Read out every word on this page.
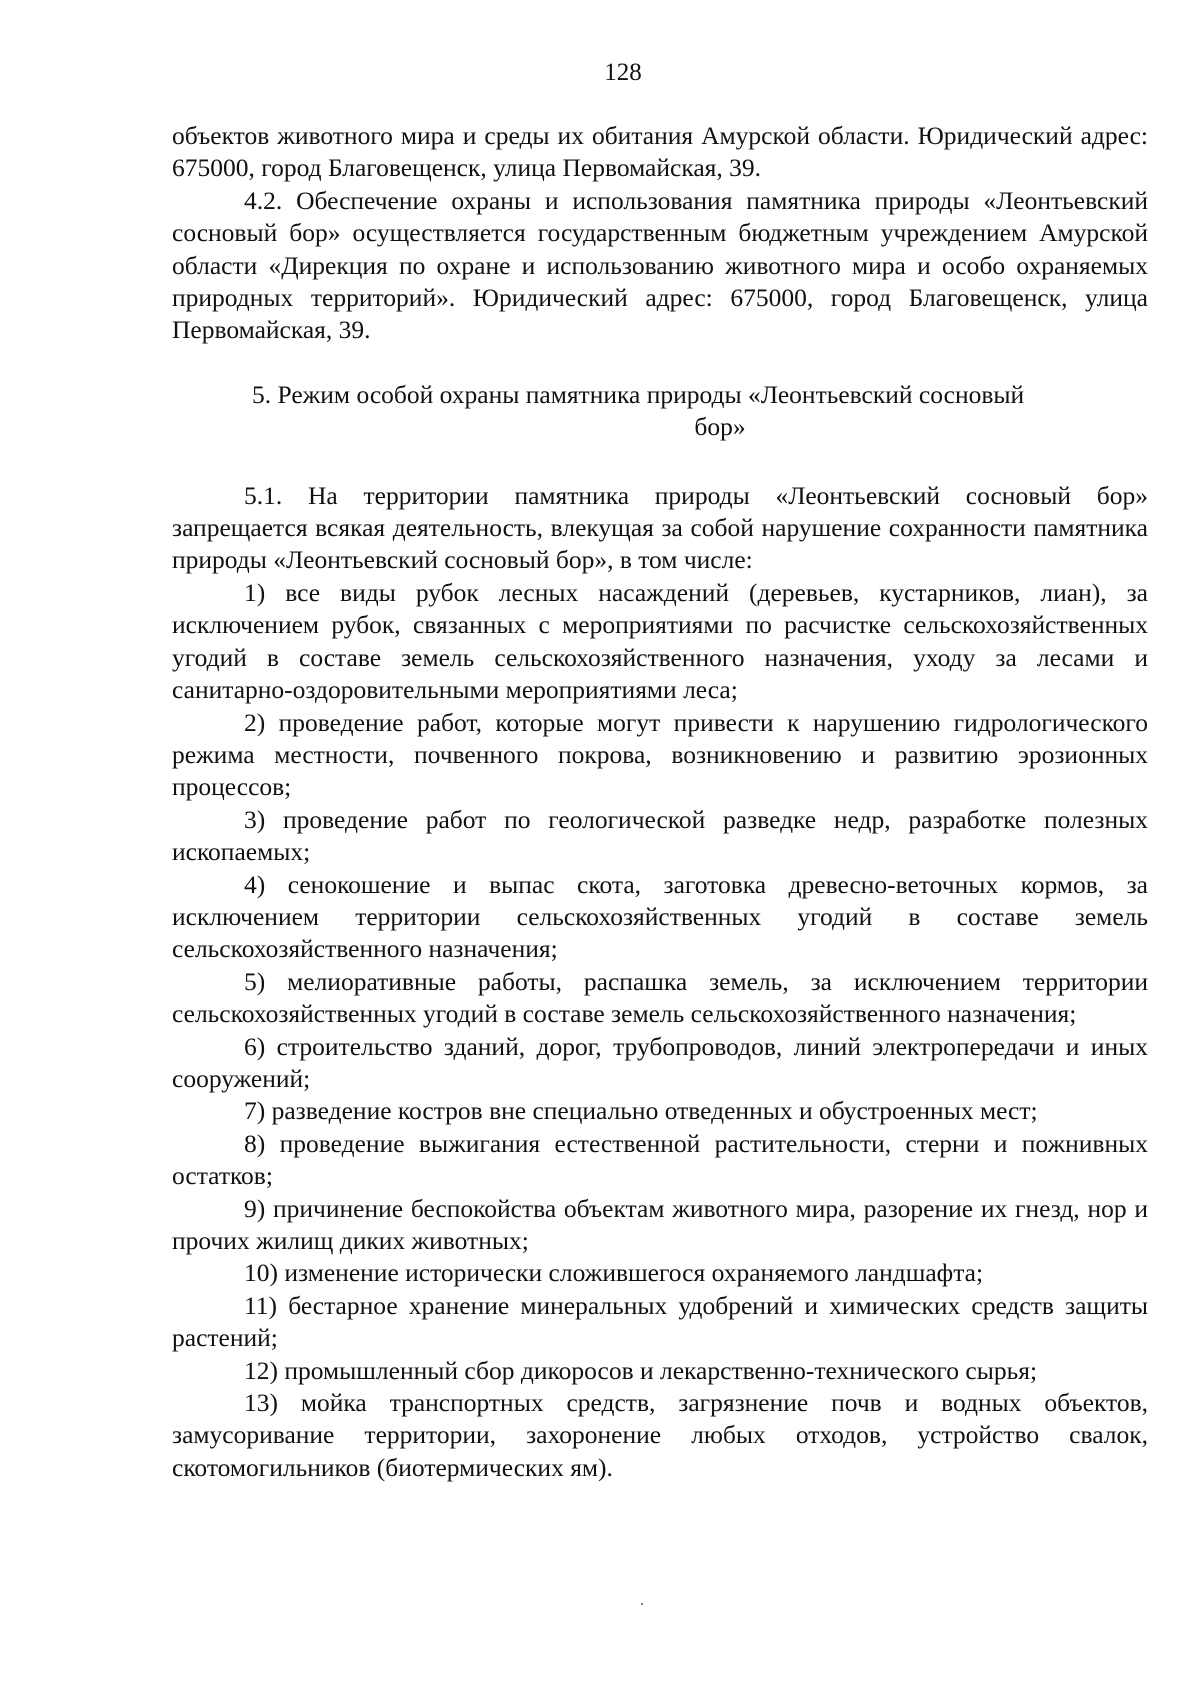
128

объектов животного мира и среды их обитания Амурской области. Юридический адрес: 675000, город Благовещенск, улица Первомайская, 39.

4.2. Обеспечение охраны и использования памятника природы «Леонтьевский сосновый бор» осуществляется государственным бюджетным учреждением Амурской области «Дирекция по охране и использованию животного мира и особо охраняемых природных территорий». Юридический адрес: 675000, город Благовещенск, улица Первомайская, 39.

5. Режим особой охраны памятника природы «Леонтьевский сосновый
бор»

5.1. На территории памятника природы «Леонтьевский сосновый бор» запрещается всякая деятельность, влекущая за собой нарушение сохранности памятника природы «Леонтьевский сосновый бор», в том числе:

1) все виды рубок лесных насаждений (деревьев, кустарников, лиан), за исключением рубок, связанных с мероприятиями по расчистке сельскохозяйственных угодий в составе земель сельскохозяйственного назначения, уходу за лесами и санитарно-оздоровительными мероприятиями леса;

2) проведение работ, которые могут привести к нарушению гидрологического режима местности, почвенного покрова, возникновению и развитию эрозионных процессов;

3) проведение работ по геологической разведке недр, разработке полезных ископаемых;

4) сенокошение и выпас скота, заготовка древесно-веточных кормов, за исключением территории сельскохозяйственных угодий в составе земель сельскохозяйственного назначения;

5) мелиоративные работы, распашка земель, за исключением территории сельскохозяйственных угодий в составе земель сельскохозяйственного назначения;

6) строительство зданий, дорог, трубопроводов, линий электропередачи и иных сооружений;

7) разведение костров вне специально отведенных и обустроенных мест;

8) проведение выжигания естественной растительности, стерни и пожнивных остатков;

9) причинение беспокойства объектам животного мира, разорение их гнезд, нор и прочих жилищ диких животных;

10) изменение исторически сложившегося охраняемого ландшафта;

11) бестарное хранение минеральных удобрений и химических средств защиты растений;

12) промышленный сбор дикоросов и лекарственно-технического сырья;

13) мойка транспортных средств, загрязнение почв и водных объектов, замусоривание территории, захоронение любых отходов, устройство свалок, скотомогильников (биотермических ям).
